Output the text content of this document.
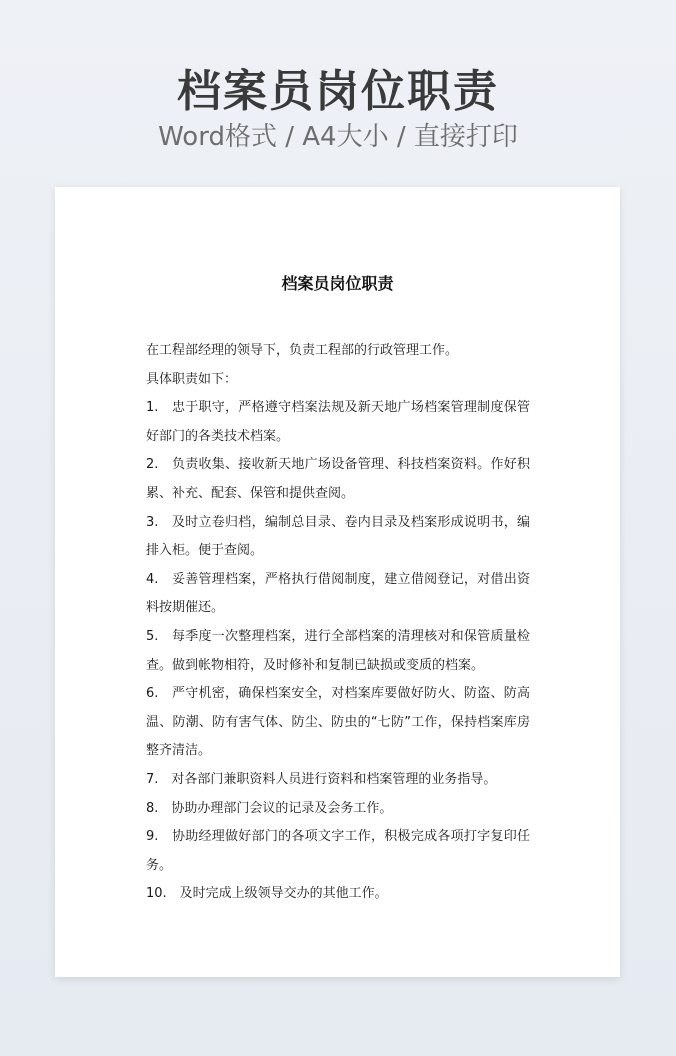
档案员岗位职责
Word格式 / A4大小 / 直接打印
档案员岗位职责

在工程部经理的领导下，负责工程部的行政管理工作。

具体职责如下：

1.　忠于职守，严格遵守档案法规及新天地广场档案管理制度保管好部门的各类技术档案。

2.　负责收集、接收新天地广场设备管理、科技档案资料。作好积累、补充、配套、保管和提供查阅。

3.　及时立卷归档，编制总目录、卷内目录及档案形成说明书，编排入柜。便于查阅。

4.　妥善管理档案，严格执行借阅制度，建立借阅登记，对借出资料按期催还。

5.　每季度一次整理档案，进行全部档案的清理核对和保管质量检查。做到帐物相符，及时修补和复制已缺损或变质的档案。

6.　严守机密，确保档案安全，对档案库要做好防火、防盗、防高温、防潮、防有害气体、防尘、防虫的“七防”工作，保持档案库房整齐清洁。

7.　对各部门兼职资料人员进行资料和档案管理的业务指导。

8.　协助办理部门会议的记录及会务工作。

9.　协助经理做好部门的各项文字工作，积极完成各项打字复印任务。

10.　及时完成上级领导交办的其他工作。
